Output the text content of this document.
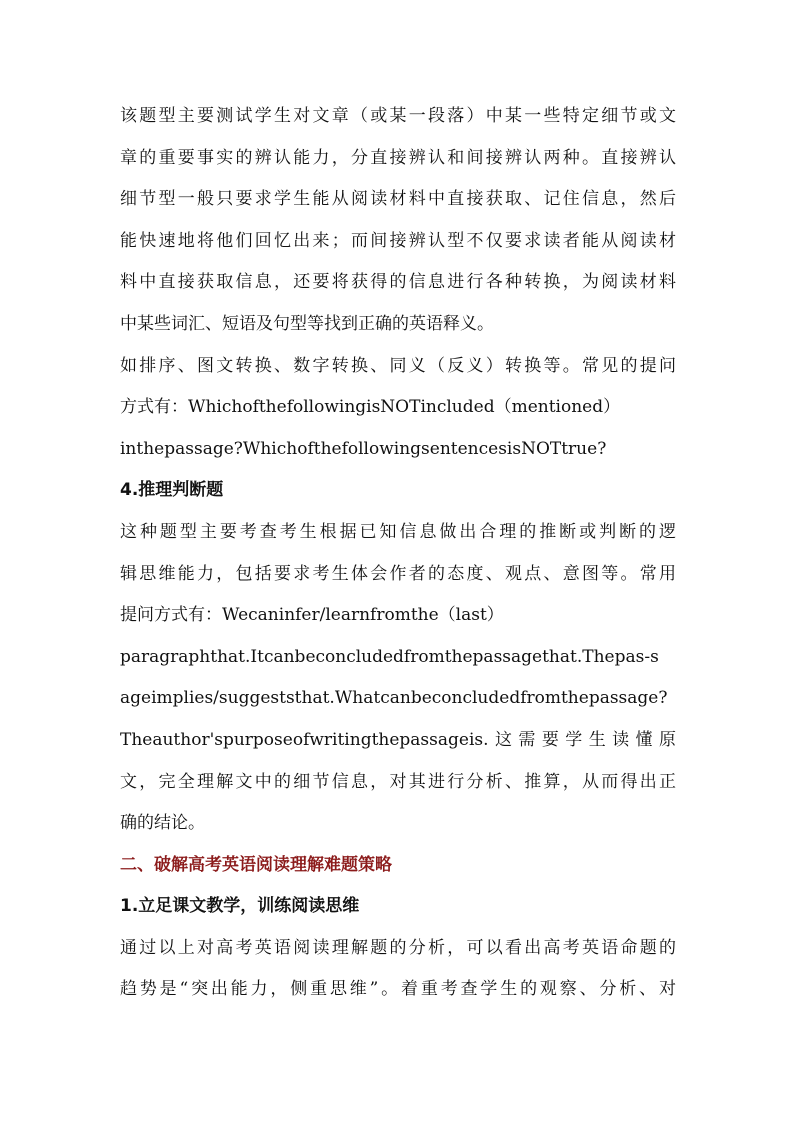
该题型主要测试学生对文章（或某一段落）中某一些特定细节或文
章的重要事实的辨认能力，分直接辨认和间接辨认两种。直接辨认
细节型一般只要求学生能从阅读材料中直接获取、记住信息，然后
能快速地将他们回忆出来；而间接辨认型不仅要求读者能从阅读材
料中直接获取信息，还要将获得的信息进行各种转换，为阅读材料
中某些词汇、短语及句型等找到正确的英语释义。
如排序、图文转换、数字转换、同义（反义）转换等。常见的提问
方式有：WhichofthefollowingisNOTincluded（mentioned）
inthepassage?WhichofthefollowingsentencesisNOTtrue?
4.推理判断题
这种题型主要考查考生根据已知信息做出合理的推断或判断的逻
辑思维能力，包括要求考生体会作者的态度、观点、意图等。常用
提问方式有：Wecaninfer/learnfromthe（last）
paragraphthat.Itcanbeconcludedfromthepassagethat.Thepas-s
ageimplies/suggeststhat.Whatcanbeconcludedfromthepassage?
Theauthor'spurposeofwritingthepassageis.这需要学生读懂原
文，完全理解文中的细节信息，对其进行分析、推算，从而得出正
确的结论。
二、破解高考英语阅读理解难题策略
1.立足课文教学，训练阅读思维
通过以上对高考英语阅读理解题的分析，可以看出高考英语命题的
趋势是“突出能力，侧重思维”。着重考查学生的观察、分析、对
